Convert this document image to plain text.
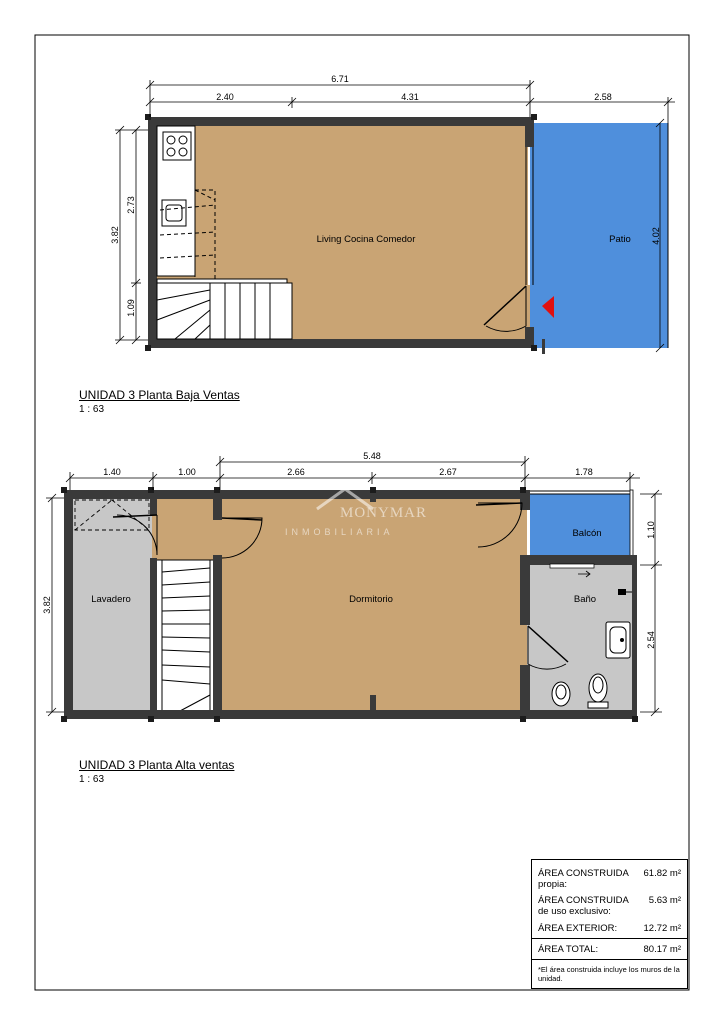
Living Cocina Comedor	Patio
6.71
2.40	4.31	2.58
3.82
2.73
1.09
4.02
Lavadero	Dormitorio
Balcón
Baño
5.48
1.40	1.00	2.66	2.67	1.78
3.82
1.10
2.54
MONYMAR
INMOBILIARIA
UNIDAD 3 Planta Baja Ventas
1 : 63
UNIDAD 3 Planta Alta ventas
1 : 63
ÁREA CONSTRUIDA propia:
61.82 m²
ÁREA CONSTRUIDA de uso exclusivo:
5.63 m²
ÁREA EXTERIOR:	12.72 m²
ÁREA TOTAL:	80.17 m²
*El área construida incluye los muros de la unidad.
